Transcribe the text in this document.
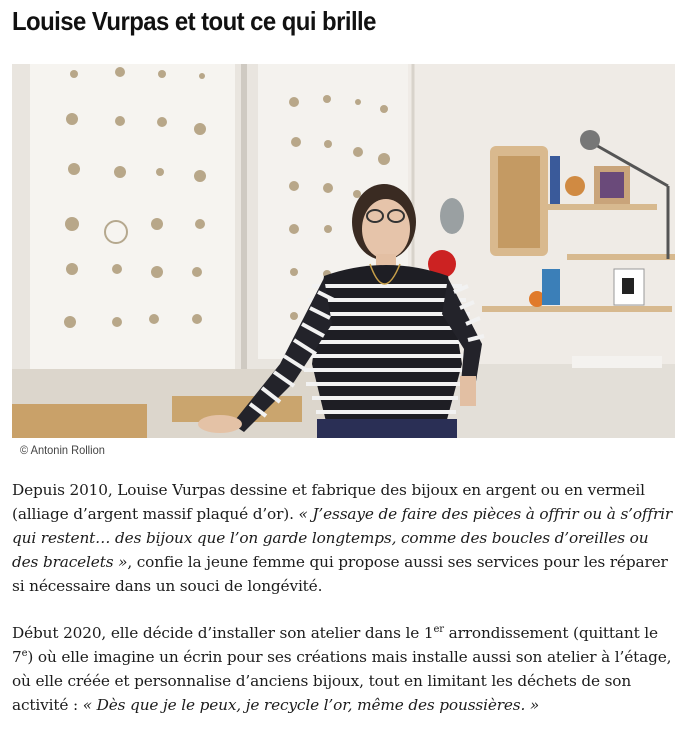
Louise Vurpas et tout ce qui brille
© Antonin Rollion

Depuis 2010, Louise Vurpas dessine et fabrique des bijoux en argent ou en vermeil (alliage d’argent massif plaqué d’or). « J’essaye de faire des pièces à offrir ou à s’offrir qui restent… des bijoux que l’on garde longtemps, comme des boucles d’oreilles ou des bracelets », confie la jeune femme qui propose aussi ses services pour les réparer si nécessaire dans un souci de longévité.

Début 2020, elle décide d’installer son atelier dans le 1er arrondissement (quittant le 7e) où elle imagine un écrin pour ses créations mais installe aussi son atelier à l’étage, où elle créée et personnalise d’anciens bijoux, tout en limitant les déchets de son activité : « Dès que je le peux, je recycle l’or, même des poussières. »
